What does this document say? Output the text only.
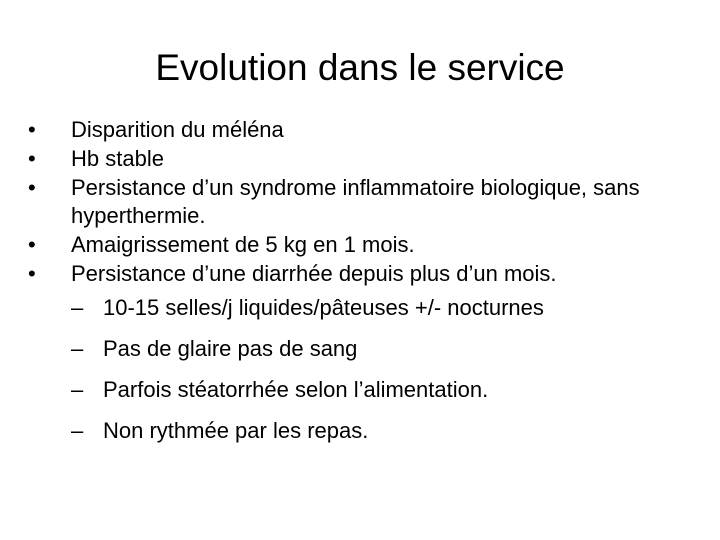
Evolution dans le service
•	Disparition du méléna
•	Hb stable
•	Persistance d’un syndrome inflammatoire biologique, sans hyperthermie.
•	Amaigrissement de 5 kg en 1 mois.
•	Persistance d’une diarrhée depuis plus d’un mois.
– 10-15 selles/j liquides/pâteuses +/- nocturnes
– Pas de glaire pas de sang
– Parfois stéatorrhée selon l’alimentation.
– Non rythmée par les repas.
